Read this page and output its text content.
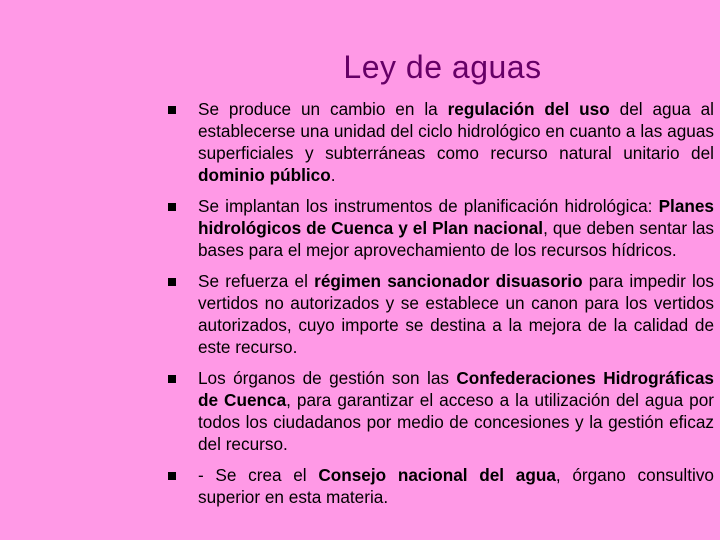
Ley de aguas
Se produce un cambio en la regulación del uso del agua al establecerse una unidad del ciclo hidrológico en cuanto a las aguas superficiales y subterráneas como recurso natural unitario del dominio público.
Se implantan los instrumentos de planificación hidrológica: Planes hidrológicos de Cuenca y el Plan nacional, que deben sentar las bases para el mejor aprovechamiento de los recursos hídricos.
Se refuerza el régimen sancionador disuasorio para impedir los vertidos no autorizados y se establece un canon para los vertidos autorizados, cuyo importe se destina a la mejora de la calidad de este recurso.
Los órganos de gestión son las Confederaciones Hidrográficas de Cuenca, para garantizar el acceso a la utilización del agua por todos los ciudadanos por medio de concesiones y la gestión eficaz del recurso.
- Se crea el Consejo nacional del agua, órgano consultivo superior en esta materia.
